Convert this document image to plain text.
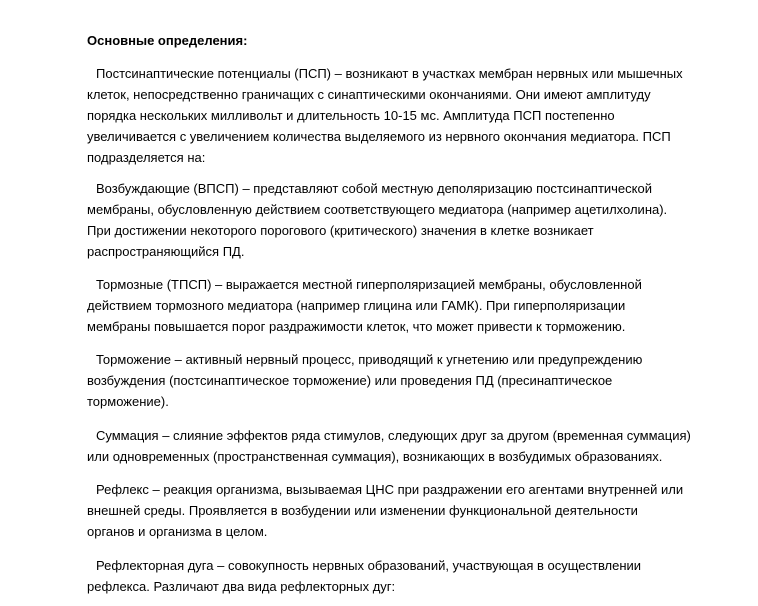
Основные определения:
Постсинаптические потенциалы (ПСП) – возникают в участках мембран нервных или мышечных
клеток, непосредственно граничащих с синаптическими окончаниями. Они имеют амплитуду
порядка нескольких милливольт и длительность 10-15 мс. Амплитуда ПСП постепенно
увеличивается с увеличением количества выделяемого из нервного окончания медиатора. ПСП
подразделяется на:
Возбуждающие (ВПСП) – представляют собой местную деполяризацию постсинаптической
мембраны, обусловленную действием соответствующего медиатора (например ацетилхолина).
При достижении некоторого порогового (критического) значения в клетке возникает
распространяющийся ПД.
Тормозные (ТПСП) – выражается местной гиперполяризацией мембраны, обусловленной
действием тормозного медиатора (например глицина или ГАМК). При гиперполяризации
мембраны повышается порог раздражимости клеток, что может привести к торможению.
Торможение – активный нервный процесс, приводящий к угнетению или предупреждению
возбуждения (постсинаптическое торможение) или проведения ПД (пресинаптическое
торможение).
Суммация – слияние эффектов ряда стимулов, следующих друг за другом (временная суммация)
или одновременных (пространственная суммация), возникающих в возбудимых образованиях.
Рефлекс – реакция организма, вызываемая ЦНС при раздражении его агентами внутренней или
внешней среды. Проявляется в возбудении или изменении функциональной деятельности
органов и организма в целом.
Рефлекторная дуга – совокупность нервных образований, участвующая в осуществлении
рефлекса. Различают два вида рефлекторных дуг:
